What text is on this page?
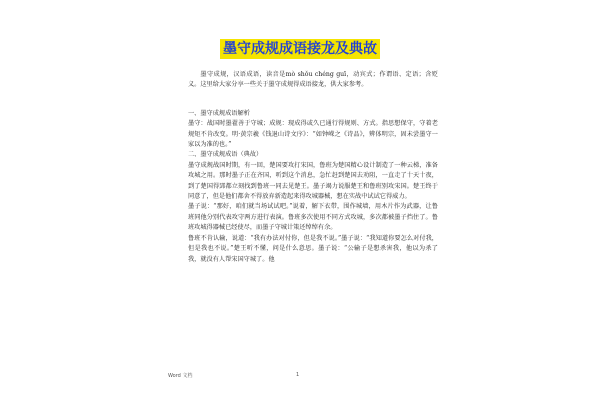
墨守成规成语接龙及典故

墨守成规，汉语成语，读音是mò shǒu chéng guī，动宾式；作谓语、定语；含贬义。这里给大家分享一些关于墨守成规得成语接龙，供大家参考。

一、墨守成规成语解析

墨守：战国时墨翟善于守城；成规：现成得或久已通行得规则、方式。指思想保守，守着老规矩不肯改变。明·黄宗羲《钱退山诗文序》：“如钟嵘之《诗品》，辨体明宗，固未尝墨守一家以为准的也。”

二、墨守成规成语（典故）

墨守成规战国时期，有一回，楚国要攻打宋国，鲁班为楚国精心设计制造了一种云梯，准备攻城之用。那时墨子正在齐国，听到这个消息，急忙赶到楚国去劝阻，一直走了十天十夜，到了楚国得郢都立刻找到鲁班一同去见楚王。墨子竭力说服楚王和鲁班别攻宋国。楚王终于同意了，但是他们都舍不得放弃新造起来得攻城器械，想在实战中试试它得威力。

墨子说：“那好，咱们就当场试试吧。”说着，解下衣带，围作城墙，用木片作为武器，让鲁班同他分别代表攻守两方进行表演。鲁班多次使用不同方式攻城，多次都被墨子挡住了。鲁班攻城得器械已经使尽，而墨子守城计策还绰绰有余。

鲁班不肯认输，说道：“我有办法对付你，但是我不说。”墨子说：“我知道你要怎么对付我，但是我也不说。”楚王听不懂，问是什么意思。墨子说：“公输子是想杀害我，他以为杀了我，就没有人帮宋国守城了。他

Word 文档	1
